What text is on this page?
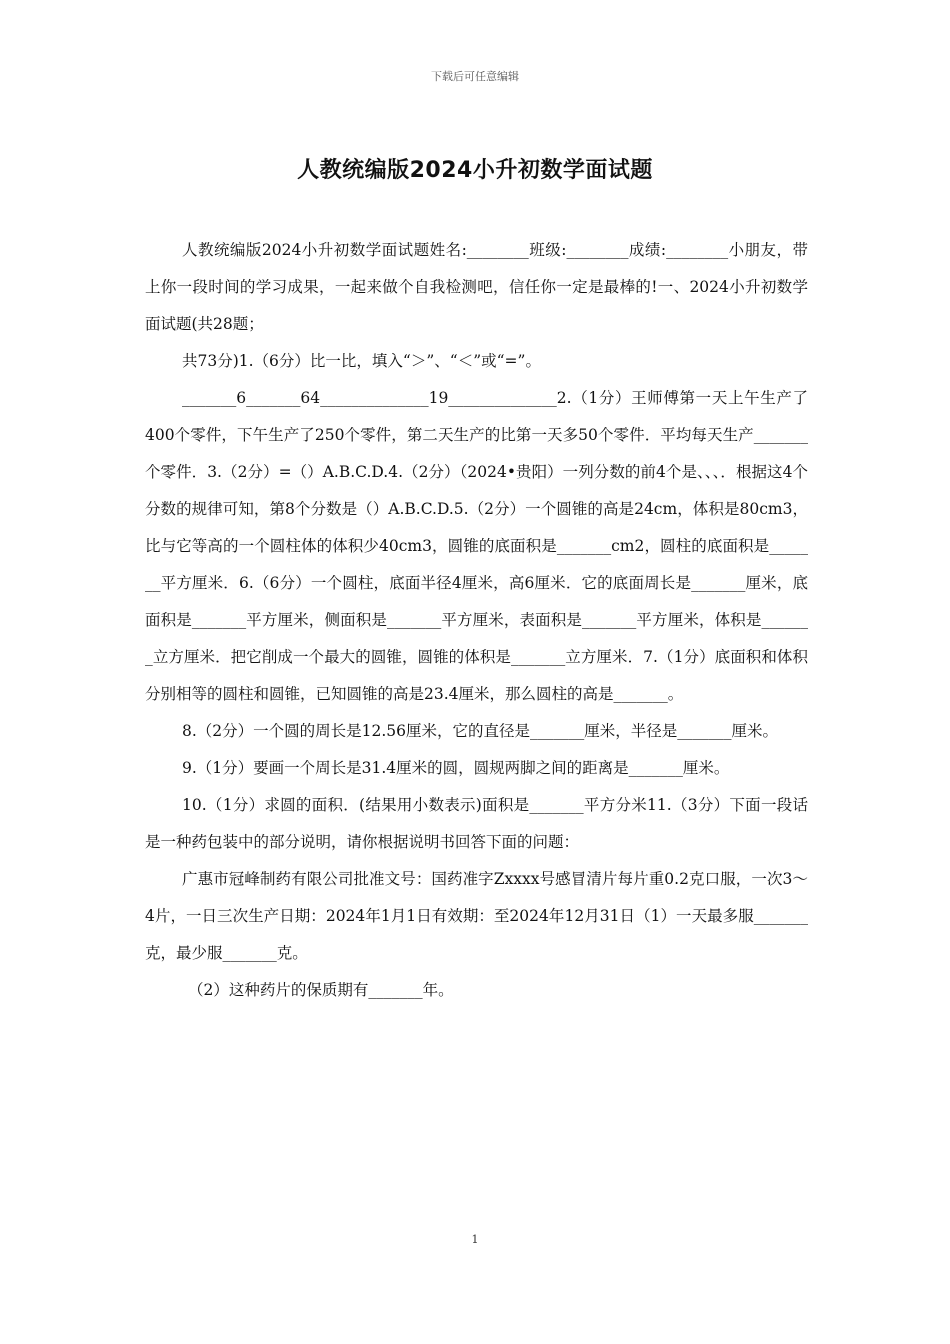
下载后可任意编辑
人教统编版2024小升初数学面试题

人教统编版2024小升初数学面试题姓名:________班级:________成绩:________小朋友，带上你一段时间的学习成果，一起来做个自我检测吧，信任你一定是最棒的!一、2024小升初数学面试题(共28题；

共73分)1.（6分）比一比，填入“＞”、“＜”或“=”。

_______6_______64______________19______________2.（1分）王师傅第一天上午生产了400个零件，下午生产了250个零件，第二天生产的比第一天多50个零件．平均每天生产_______个零件．3.（2分）=（）A.B.C.D.4.（2分）（2024•贵阳）一列分数的前4个是、、、．根据这4个分数的规律可知，第8个分数是（）A.B.C.D.5.（2分）一个圆锥的高是24cm，体积是80cm3，比与它等高的一个圆柱体的体积少40cm3，圆锥的底面积是_______cm2，圆柱的底面积是_______平方厘米．6.（6分）一个圆柱，底面半径4厘米，高6厘米．它的底面周长是_______厘米，底面积是_______平方厘米，侧面积是_______平方厘米，表面积是_______平方厘米，体积是_______立方厘米．把它削成一个最大的圆锥，圆锥的体积是_______立方厘米．7.（1分）底面积和体积分别相等的圆柱和圆锥，已知圆锥的高是23.4厘米，那么圆柱的高是_______。

8.（2分）一个圆的周长是12.56厘米，它的直径是_______厘米，半径是_______厘米。

9.（1分）要画一个周长是31.4厘米的圆，圆规两脚之间的距离是_______厘米。

10.（1分）求圆的面积．(结果用小数表示)面积是_______平方分米11.（3分）下面一段话是一种药包装中的部分说明，请你根据说明书回答下面的问题：

广惠市冠峰制药有限公司批准文号：国药准字Zxxxx号感冒清片每片重0.2克口服，一次3～4片，一日三次生产日期：2024年1月1日有效期：至2024年12月31日（1）一天最多服_______克，最少服_______克。

（2）这种药片的保质期有_______年。

1
